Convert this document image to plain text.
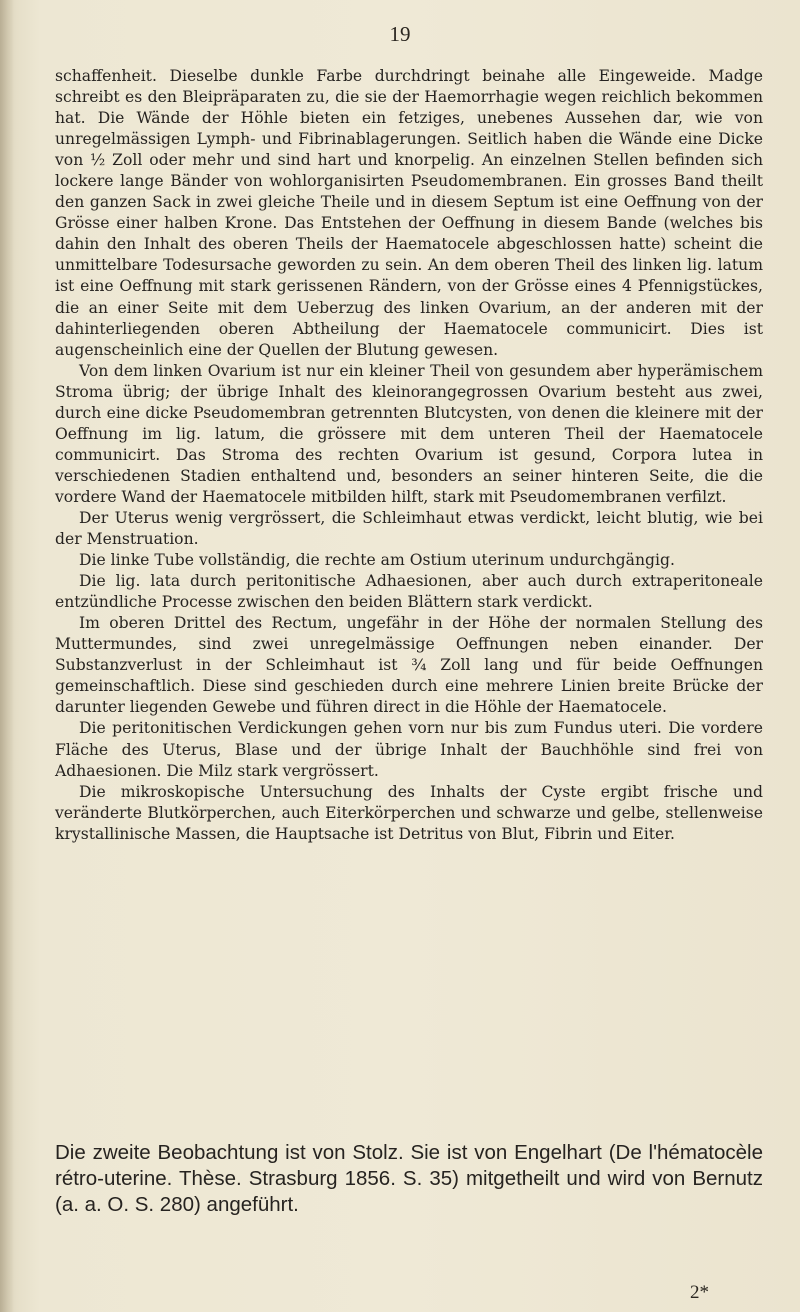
19

schaffenheit. Dieselbe dunkle Farbe durchdringt beinahe alle Eingeweide. Madge schreibt es den Bleipräparaten zu, die sie der Haemorrhagie wegen reichlich bekommen hat. Die Wände der Höhle bieten ein fetziges, unebenes Aussehen dar, wie von unregelmässigen Lymph- und Fibrinablagerungen. Seitlich haben die Wände eine Dicke von ½ Zoll oder mehr und sind hart und knorpelig. An einzelnen Stellen befinden sich lockere lange Bänder von wohlorganisirten Pseudomembranen. Ein grosses Band theilt den ganzen Sack in zwei gleiche Theile und in diesem Septum ist eine Oeffnung von der Grösse einer halben Krone. Das Entstehen der Oeffnung in diesem Bande (welches bis dahin den Inhalt des oberen Theils der Haematocele abgeschlossen hatte) scheint die unmittelbare Todesursache geworden zu sein. An dem oberen Theil des linken lig. latum ist eine Oeffnung mit stark gerissenen Rändern, von der Grösse eines 4 Pfennigstückes, die an einer Seite mit dem Ueberzug des linken Ovarium, an der anderen mit der dahinterliegenden oberen Abtheilung der Haematocele communicirt. Dies ist augenscheinlich eine der Quellen der Blutung gewesen.

Von dem linken Ovarium ist nur ein kleiner Theil von gesundem aber hyperämischem Stroma übrig; der übrige Inhalt des kleinorangegrossen Ovarium besteht aus zwei, durch eine dicke Pseudomembran getrennten Blutcysten, von denen die kleinere mit der Oeffnung im lig. latum, die grössere mit dem unteren Theil der Haematocele communicirt. Das Stroma des rechten Ovarium ist gesund, Corpora lutea in verschiedenen Stadien enthaltend und, besonders an seiner hinteren Seite, die die vordere Wand der Haematocele mitbilden hilft, stark mit Pseudomembranen verfilzt.

Der Uterus wenig vergrössert, die Schleimhaut etwas verdickt, leicht blutig, wie bei der Menstruation.

Die linke Tube vollständig, die rechte am Ostium uterinum undurchgängig.

Die lig. lata durch peritonitische Adhaesionen, aber auch durch extraperitoneale entzündliche Processe zwischen den beiden Blättern stark verdickt.

Im oberen Drittel des Rectum, ungefähr in der Höhe der normalen Stellung des Muttermundes, sind zwei unregelmässige Oeffnungen neben einander. Der Substanzverlust in der Schleimhaut ist ¾ Zoll lang und für beide Oeffnungen gemeinschaftlich. Diese sind geschieden durch eine mehrere Linien breite Brücke der darunter liegenden Gewebe und führen direct in die Höhle der Haematocele.

Die peritonitischen Verdickungen gehen vorn nur bis zum Fundus uteri. Die vordere Fläche des Uterus, Blase und der übrige Inhalt der Bauchhöhle sind frei von Adhaesionen. Die Milz stark vergrössert.

Die mikroskopische Untersuchung des Inhalts der Cyste ergibt frische und veränderte Blutkörperchen, auch Eiterkörperchen und schwarze und gelbe, stellenweise krystallinische Massen, die Hauptsache ist Detritus von Blut, Fibrin und Eiter.

Die zweite Beobachtung ist von Stolz. Sie ist von Engelhart (De l'hématocèle rétro-uterine. Thèse. Strasburg 1856. S. 35) mitgetheilt und wird von Bernutz (a. a. O. S. 280) angeführt.
2*
